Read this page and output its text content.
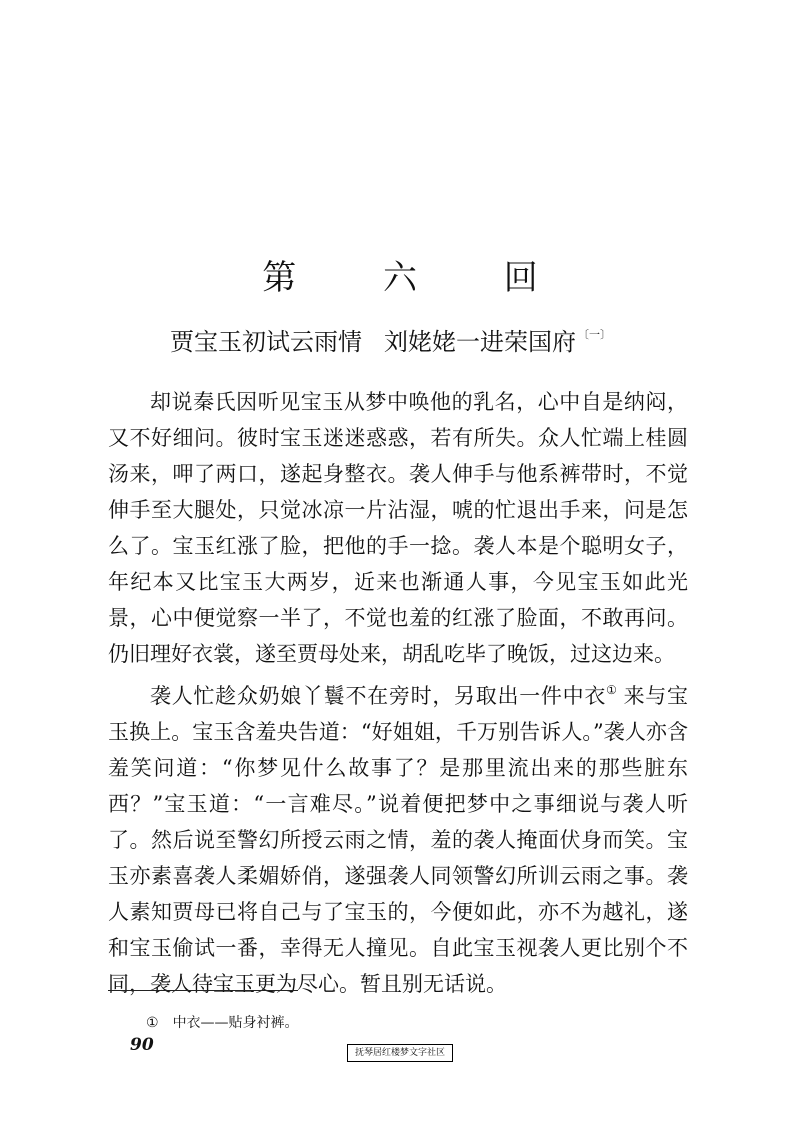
第 六 回
贾宝玉初试云雨情 刘姥姥一进荣国府 $^{〔一〕}$

却说秦氏因听见宝玉从梦中唤他的乳名，心中自是纳闷，又不好细问。彼时宝玉迷迷惑惑，若有所失。众人忙端上桂圆汤来，呷了两口，遂起身整衣。袭人伸手与他系裤带时，不觉伸手至大腿处，只觉冰凉一片沾湿，唬的忙退出手来，问是怎么了。宝玉红涨了脸，把他的手一捻。袭人本是个聪明女子，年纪本又比宝玉大两岁，近来也渐通人事，今见宝玉如此光景，心中便觉察一半了，不觉也羞的红涨了脸面，不敢再问。仍旧理好衣裳，遂至贾母处来，胡乱吃毕了晚饭，过这边来。

袭人忙趁众奶娘丫鬟不在旁时，另取出一件中衣① 来与宝玉换上。宝玉含羞央告道：“好姐姐，千万别告诉人。”袭人亦含羞笑问道：“你梦见什么故事了？是那里流出来的那些脏东西？”宝玉道：“一言难尽。”说着便把梦中之事细说与袭人听了。然后说至警幻所授云雨之情，羞的袭人掩面伏身而笑。宝玉亦素喜袭人柔媚娇俏，遂强袭人同领警幻所训云雨之事。袭人素知贾母已将自己与了宝玉的，今便如此，亦不为越礼，遂和宝玉偷试一番，幸得无人撞见。自此宝玉视袭人更比别个不同，袭人待宝玉更为尽心。暂且别无话说。

① 中衣——贴身衬裤。
90	抚琴居红楼梦文字社区
